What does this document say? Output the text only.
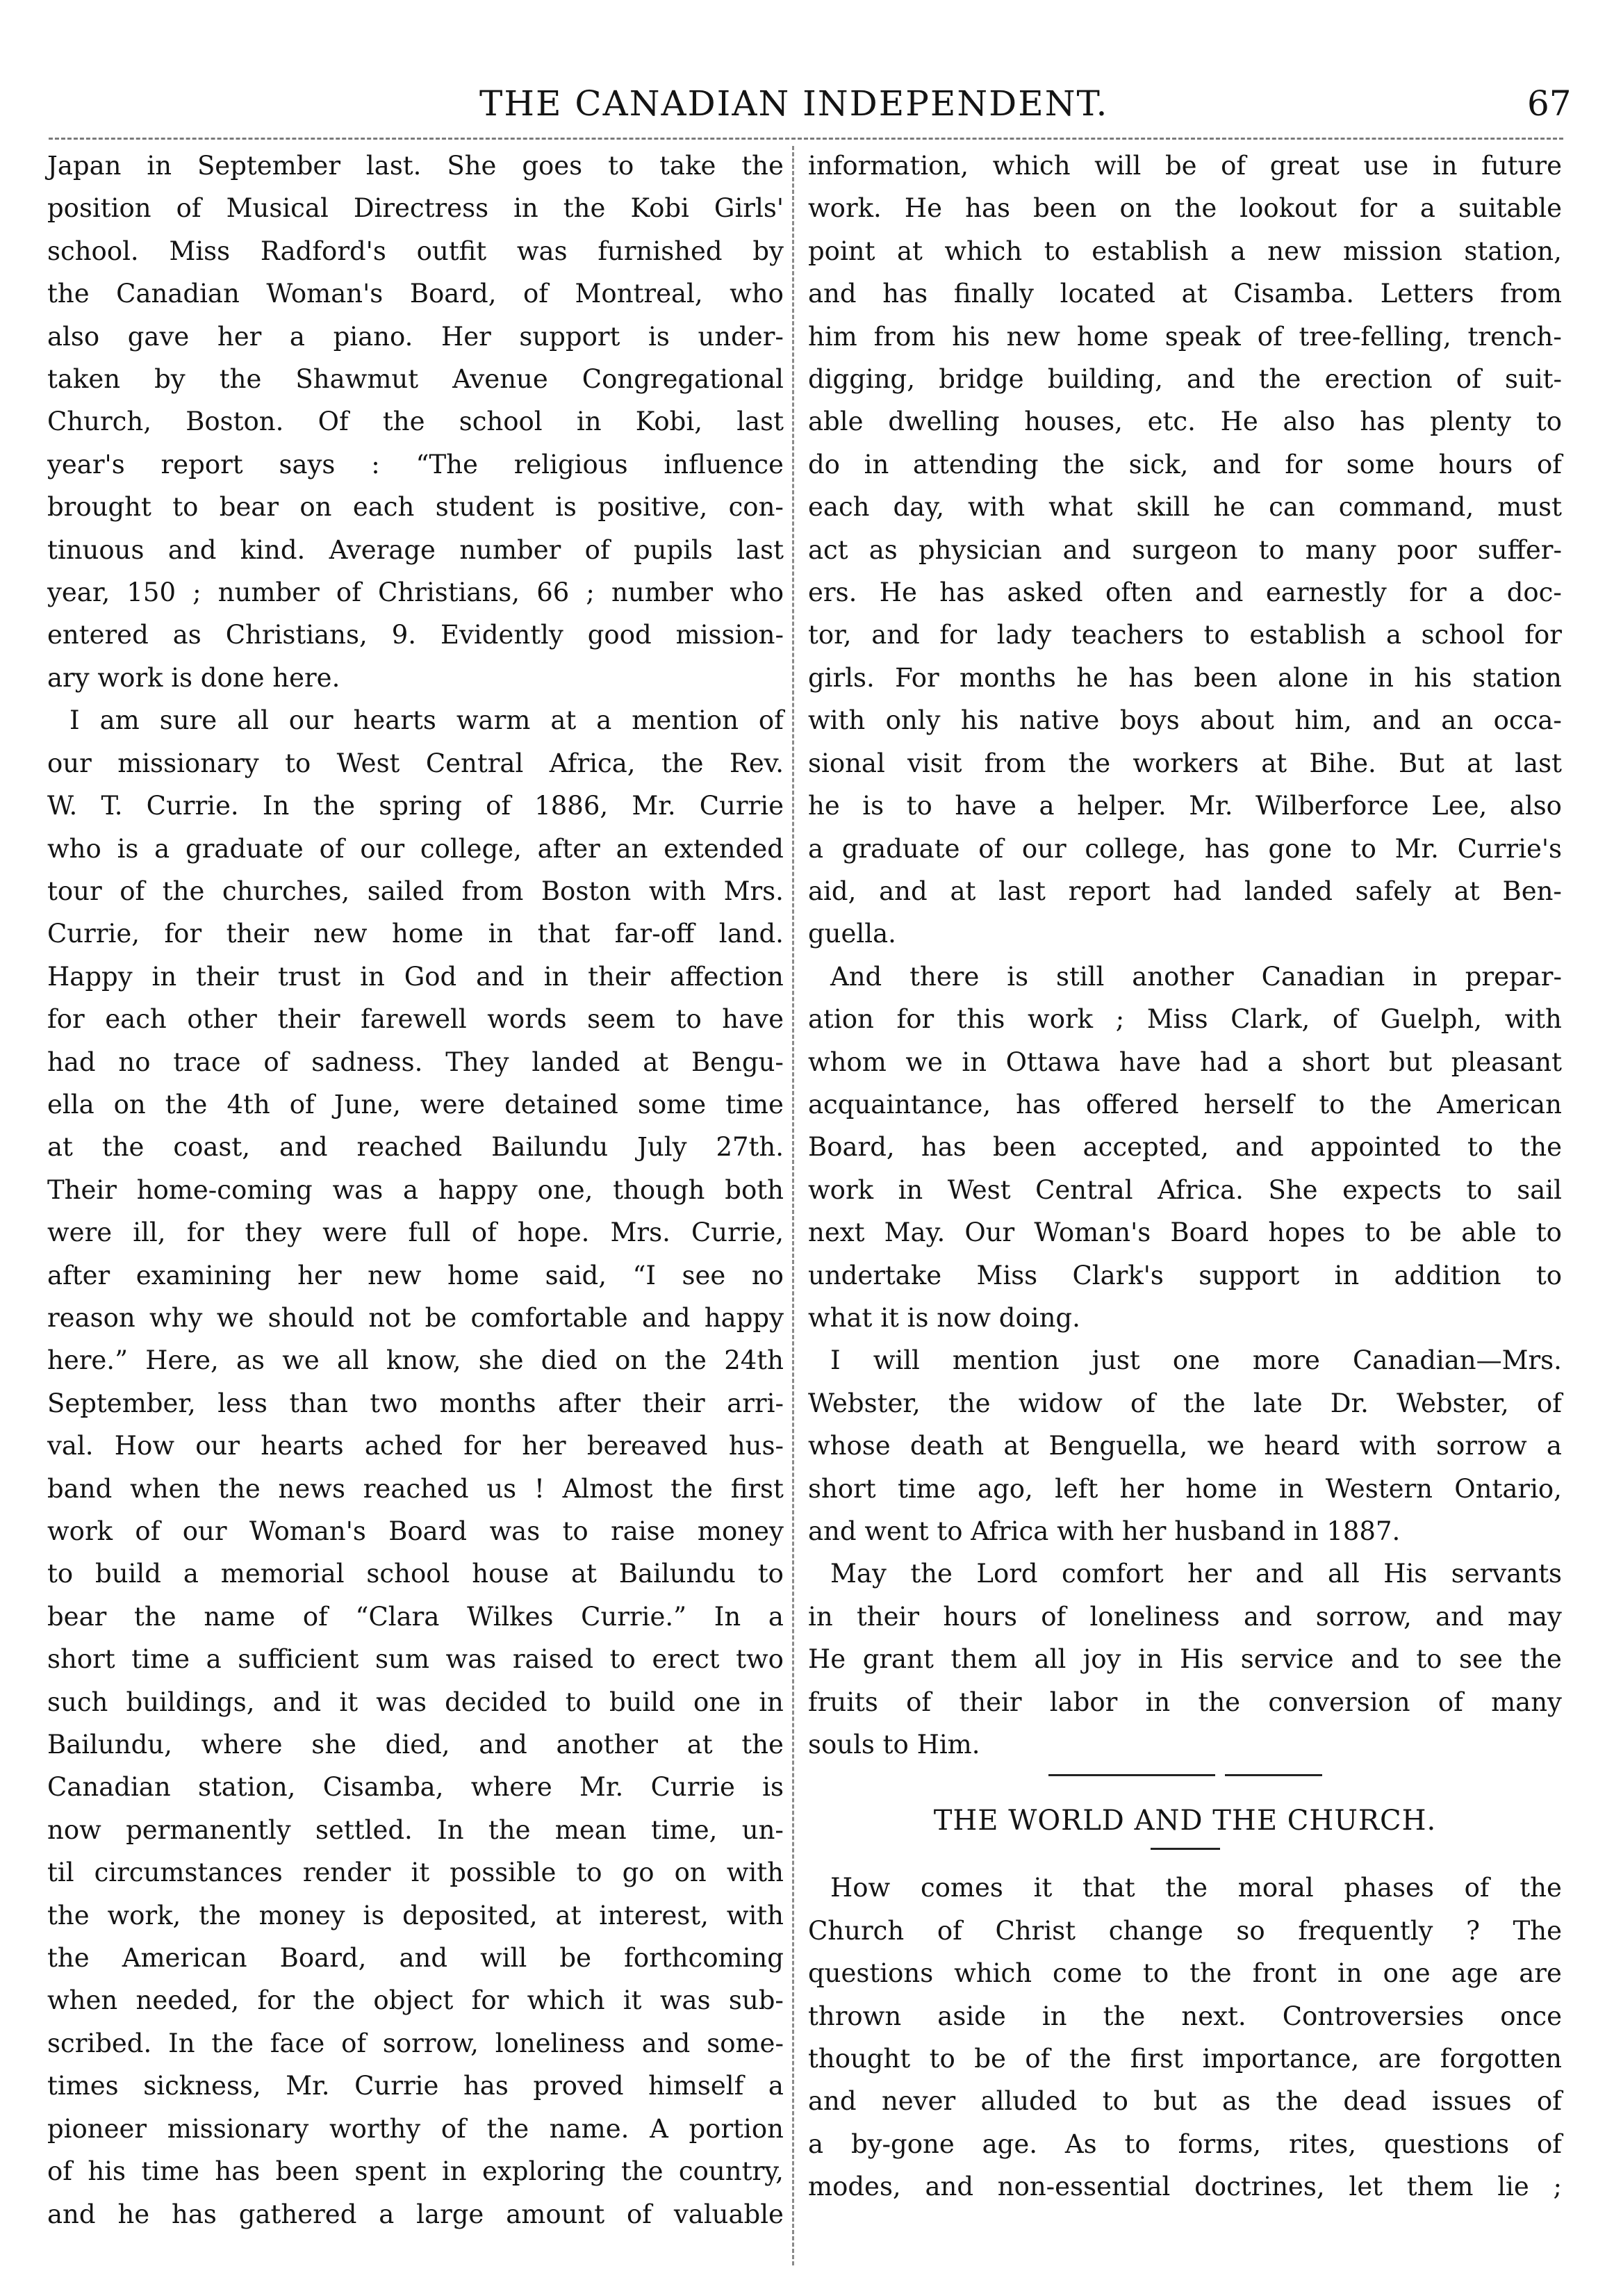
THE CANADIAN INDEPENDENT.	67
Japan in September last. She goes to take the
position of Musical Directress in the Kobi Girls'
school. Miss Radford's outfit was furnished by
the Canadian Woman's Board, of Montreal, who
also gave her a piano. Her support is under-
taken by the Shawmut Avenue Congregational
Church, Boston. Of the school in Kobi, last
year's report says : “The religious influence
brought to bear on each student is positive, con-
tinuous and kind. Average number of pupils last
year, 150 ; number of Christians, 66 ; number who
entered as Christians, 9. Evidently good mission-
ary work is done here.
I am sure all our hearts warm at a mention of
our missionary to West Central Africa, the Rev.
W. T. Currie. In the spring of 1886, Mr. Currie
who is a graduate of our college, after an extended
tour of the churches, sailed from Boston with Mrs.
Currie, for their new home in that far-off land.
Happy in their trust in God and in their affection
for each other their farewell words seem to have
had no trace of sadness. They landed at Bengu-
ella on the 4th of June, were detained some time
at the coast, and reached Bailundu July 27th.
Their home-coming was a happy one, though both
were ill, for they were full of hope. Mrs. Currie,
after examining her new home said, “I see no
reason why we should not be comfortable and happy
here.” Here, as we all know, she died on the 24th
September, less than two months after their arri-
val. How our hearts ached for her bereaved hus-
band when the news reached us ! Almost the first
work of our Woman's Board was to raise money
to build a memorial school house at Bailundu to
bear the name of “Clara Wilkes Currie.” In a
short time a sufficient sum was raised to erect two
such buildings, and it was decided to build one in
Bailundu, where she died, and another at the
Canadian station, Cisamba, where Mr. Currie is
now permanently settled. In the mean time, un-
til circumstances render it possible to go on with
the work, the money is deposited, at interest, with
the American Board, and will be forthcoming
when needed, for the object for which it was sub-
scribed. In the face of sorrow, loneliness and some-
times sickness, Mr. Currie has proved himself a
pioneer missionary worthy of the name. A portion
of his time has been spent in exploring the country,
and he has gathered a large amount of valuable
information, which will be of great use in future
work. He has been on the lookout for a suitable
point at which to establish a new mission station,
and has finally located at Cisamba. Letters from
him from his new home speak of tree-felling, trench-
digging, bridge building, and the erection of suit-
able dwelling houses, etc. He also has plenty to
do in attending the sick, and for some hours of
each day, with what skill he can command, must
act as physician and surgeon to many poor suffer-
ers. He has asked often and earnestly for a doc-
tor, and for lady teachers to establish a school for
girls. For months he has been alone in his station
with only his native boys about him, and an occa-
sional visit from the workers at Bihe. But at last
he is to have a helper. Mr. Wilberforce Lee, also
a graduate of our college, has gone to Mr. Currie's
aid, and at last report had landed safely at Ben-
guella.
And there is still another Canadian in prepar-
ation for this work ; Miss Clark, of Guelph, with
whom we in Ottawa have had a short but pleasant
acquaintance, has offered herself to the American
Board, has been accepted, and appointed to the
work in West Central Africa. She expects to sail
next May. Our Woman's Board hopes to be able to
undertake Miss Clark's support in addition to
what it is now doing.
I will mention just one more Canadian—Mrs.
Webster, the widow of the late Dr. Webster, of
whose death at Benguella, we heard with sorrow a
short time ago, left her home in Western Ontario,
and went to Africa with her husband in 1887.
May the Lord comfort her and all His servants
in their hours of loneliness and sorrow, and may
He grant them all joy in His service and to see the
fruits of their labor in the conversion of many
souls to Him.
THE WORLD AND THE CHURCH.
How comes it that the moral phases of the
Church of Christ change so frequently ? The
questions which come to the front in one age are
thrown aside in the next. Controversies once
thought to be of the first importance, are forgotten
and never alluded to but as the dead issues of
a by-gone age. As to forms, rites, questions of
modes, and non-essential doctrines, let them lie ;
